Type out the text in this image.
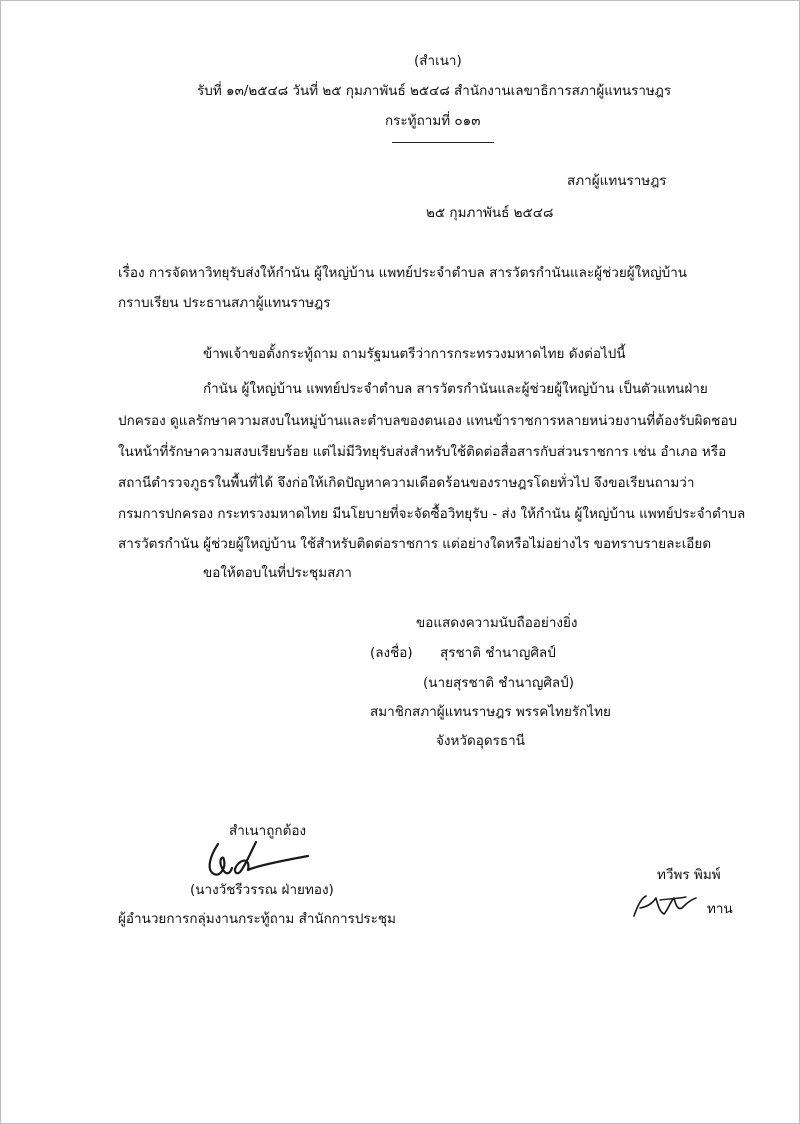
(สำเนา)
รับที่ ๑๓/๒๕๔๘ วันที่ ๒๕ กุมภาพันธ์ ๒๕๔๘ สำนักงานเลขาธิการสภาผู้แทนราษฎร
กระทู้ถามที่ ๐๑๓
สภาผู้แทนราษฎร
๒๕ กุมภาพันธ์ ๒๕๔๘
เรื่อง การจัดหาวิทยุรับส่งให้กำนัน ผู้ใหญ่บ้าน แพทย์ประจำตำบล สารวัตรกำนันและผู้ช่วยผู้ใหญ่บ้าน
กราบเรียน ประธานสภาผู้แทนราษฎร
ข้าพเจ้าขอตั้งกระทู้ถาม ถามรัฐมนตรีว่าการกระทรวงมหาดไทย ดังต่อไปนี้
กำนัน ผู้ใหญ่บ้าน แพทย์ประจำตำบล สารวัตรกำนันและผู้ช่วยผู้ใหญ่บ้าน เป็นตัวแทนฝ่าย
ปกครอง ดูแลรักษาความสงบในหมู่บ้านและตำบลของตนเอง แทนข้าราชการหลายหน่วยงานที่ต้องรับผิดชอบ
ในหน้าที่รักษาความสงบเรียบร้อย แต่ไม่มีวิทยุรับส่งสำหรับใช้ติดต่อสื่อสารกับส่วนราชการ เช่น อำเภอ หรือ
สถานีตำรวจภูธรในพื้นที่ได้ จึงก่อให้เกิดปัญหาความเดือดร้อนของราษฎรโดยทั่วไป จึงขอเรียนถามว่า
กรมการปกครอง กระทรวงมหาดไทย มีนโยบายที่จะจัดซื้อวิทยุรับ - ส่ง ให้กำนัน ผู้ใหญ่บ้าน แพทย์ประจำตำบล
สารวัตรกำนัน ผู้ช่วยผู้ใหญ่บ้าน ใช้สำหรับติดต่อราชการ แต่อย่างใดหรือไม่อย่างไร ขอทราบรายละเอียด
ขอให้ตอบในที่ประชุมสภา
ขอแสดงความนับถืออย่างยิ่ง
(ลงชื่อ) สุรชาติ ชำนาญศิลป์
(นายสุรชาติ ชำนาญศิลป์)
สมาชิกสภาผู้แทนราษฎร พรรคไทยรักไทย
จังหวัดอุดรธานี
สำเนาถูกต้อง
(นางวัชรีวรรณ ฝ่ายทอง)
ผู้อำนวยการกลุ่มงานกระทู้ถาม สำนักการประชุม
ทวีพร พิมพ์
ทาน
